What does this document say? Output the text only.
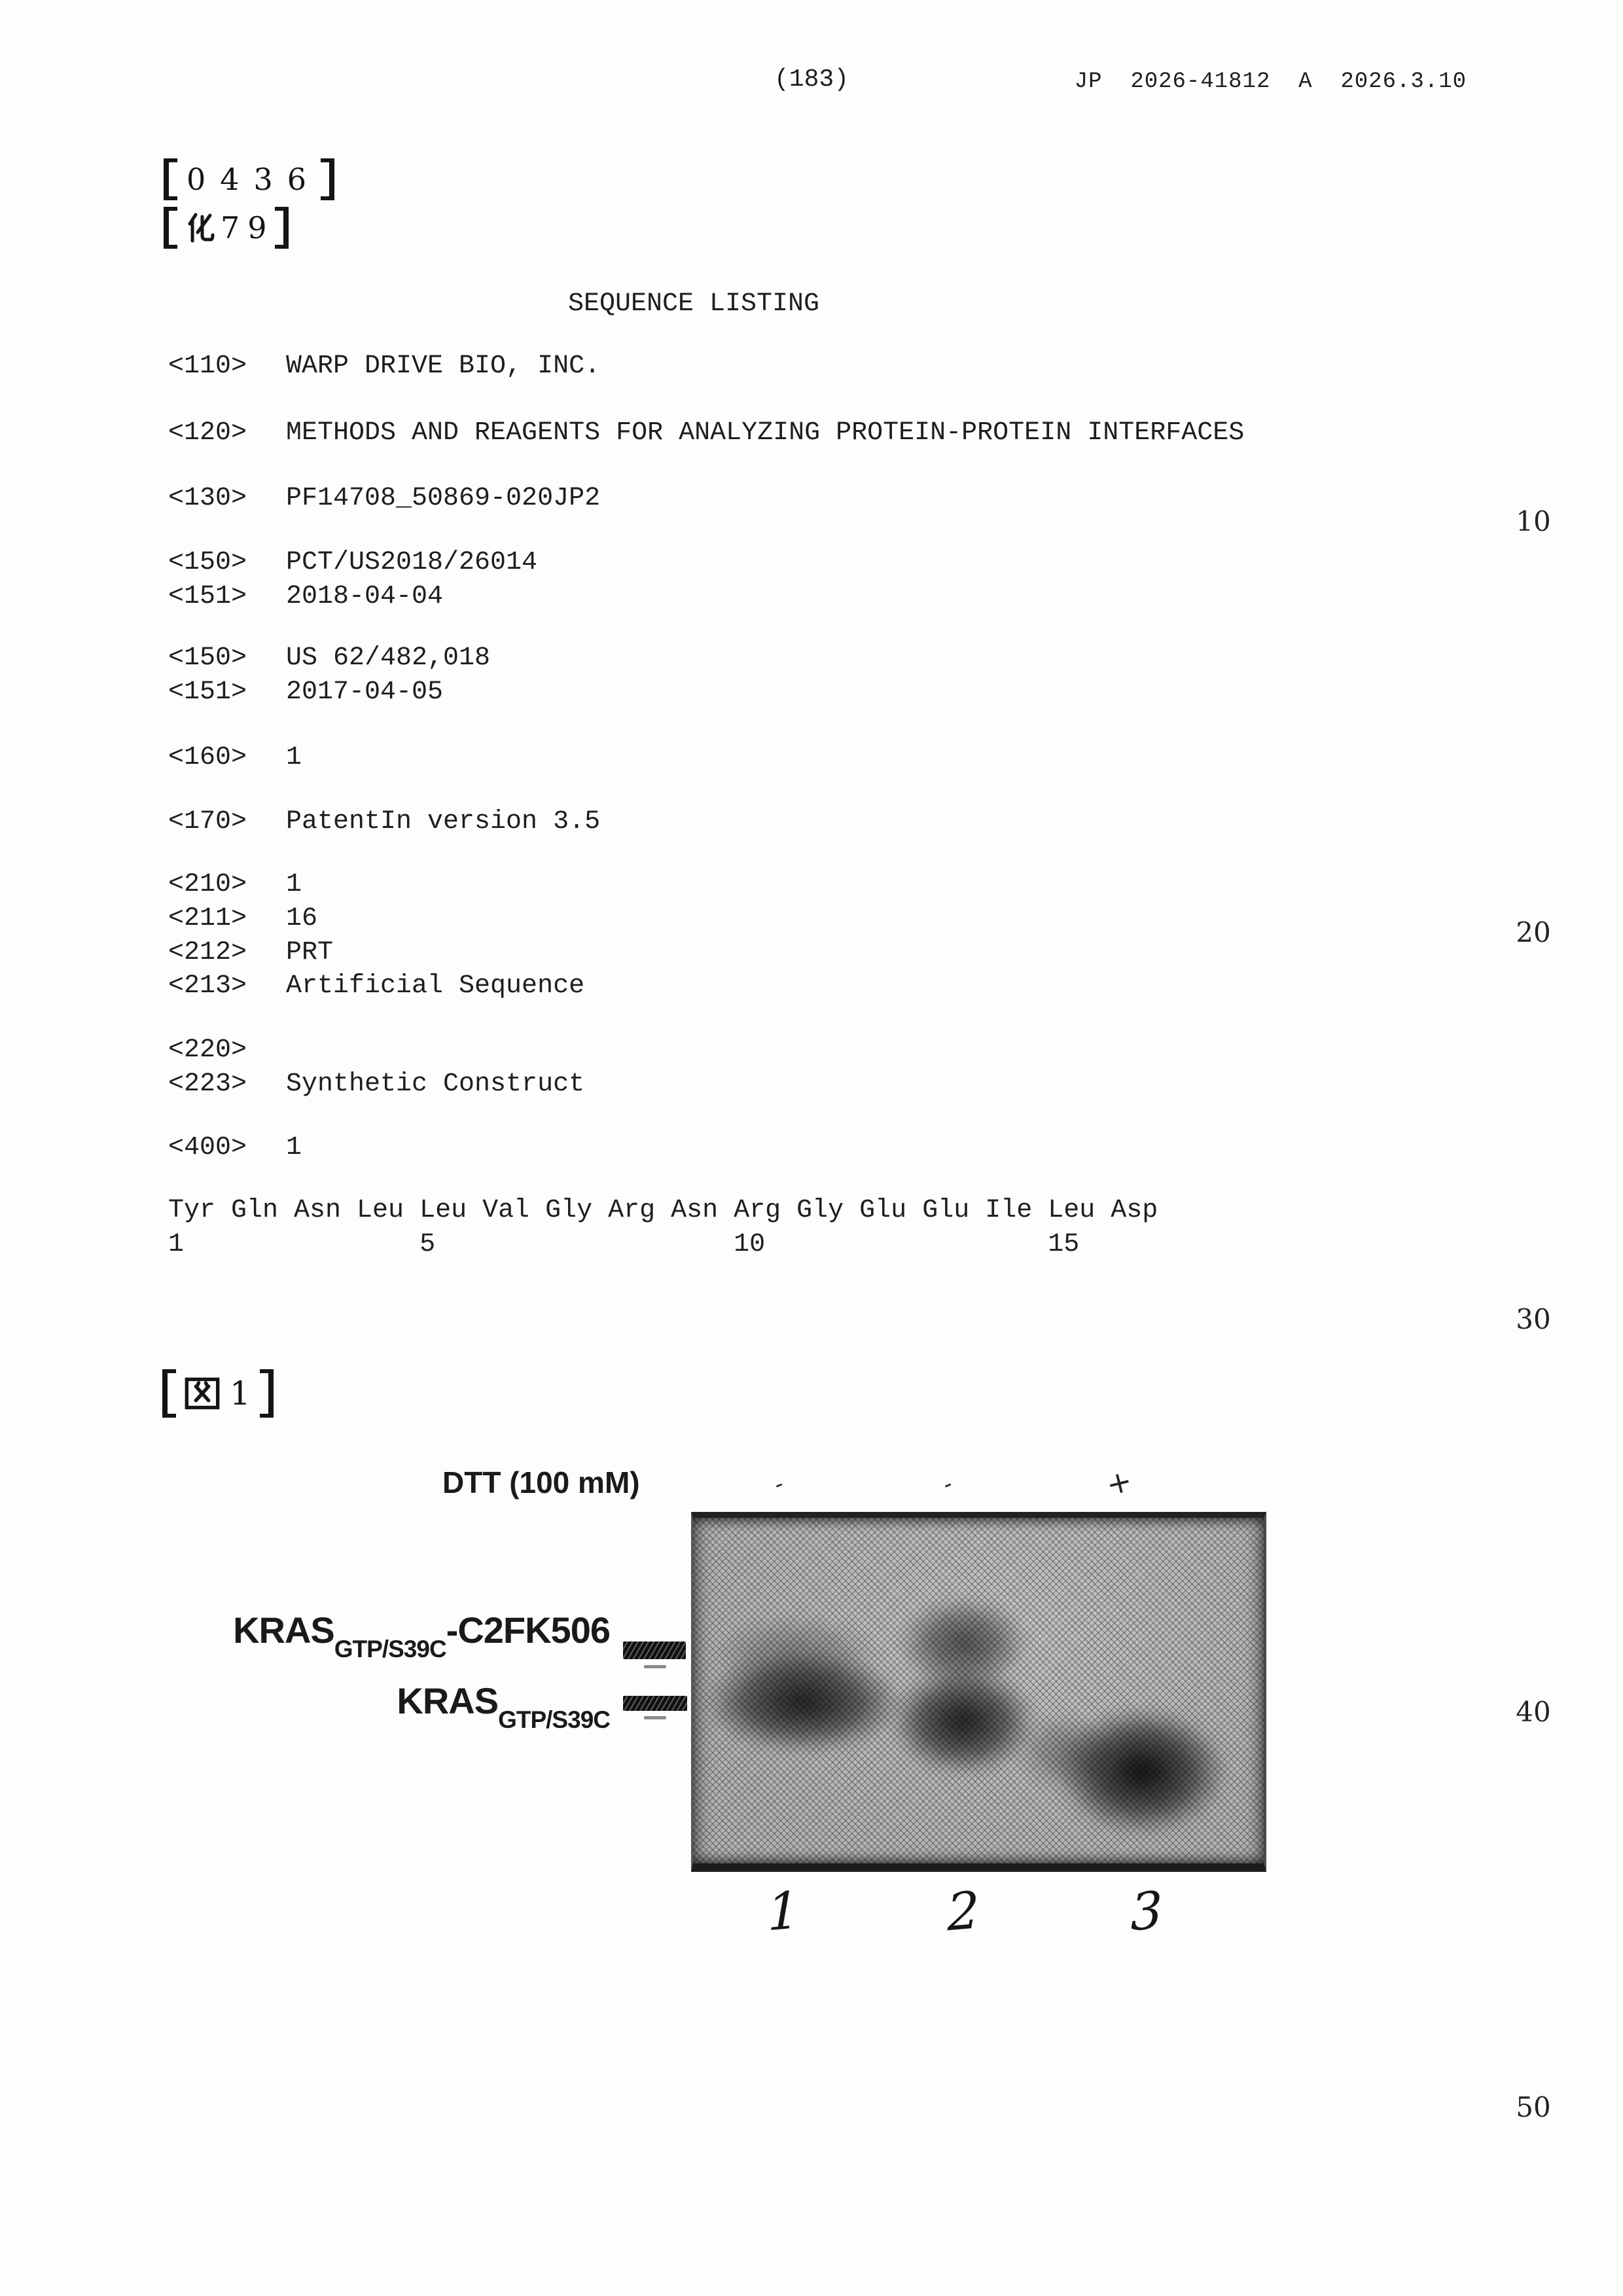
(183)	JP  2026-41812  A  2026.3.10
0436
79
SEQUENCE LISTING
<110> WARP DRIVE BIO, INC.
<120> METHODS AND REAGENTS FOR ANALYZING PROTEIN-PROTEIN INTERFACES
<130> PF14708_50869-020JP2
<150> PCT/US2018/26014
<151> 2018-04-04
<150> US 62/482,018
<151> 2017-04-05
<160> 1
<170> PatentIn version 3.5
<210> 1
<211> 16
<212> PRT
<213> Artificial Sequence
<220>
<223> Synthetic Construct
<400> 1
Tyr Gln Asn Leu Leu Val Gly Arg Asn Arg Gly Glu Glu Ile Leu Asp
1               5                   10                  15
10
20
30
40
50
1
DTT (100 mM)	-	-	+
$KRAS_{GTP/S39C}-C2FK506$
$KRAS_{GTP/S39C}$
1	2	3
